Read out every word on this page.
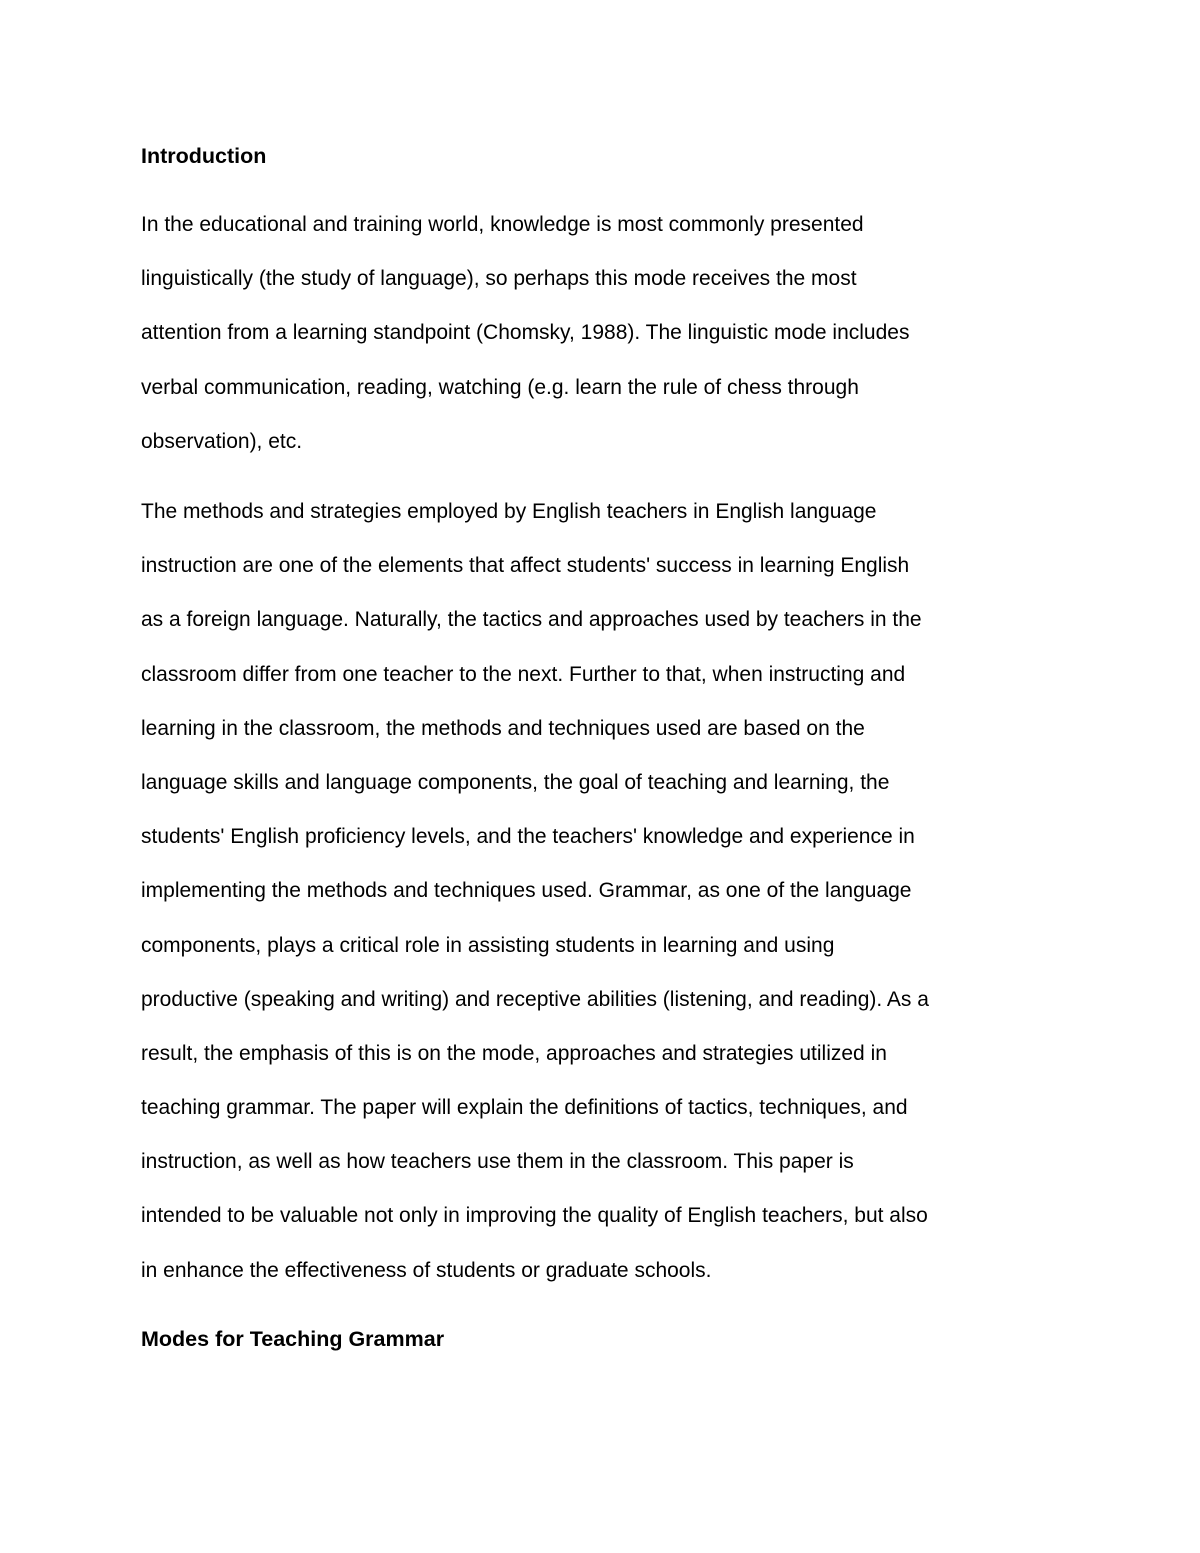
Introduction
In the educational and training world, knowledge is most commonly presented
linguistically (the study of language), so perhaps this mode receives the most
attention from a learning standpoint (Chomsky, 1988). The linguistic mode includes
verbal communication, reading, watching (e.g. learn the rule of chess through
observation), etc.
The methods and strategies employed by English teachers in English language
instruction are one of the elements that affect students' success in learning English
as a foreign language. Naturally, the tactics and approaches used by teachers in the
classroom differ from one teacher to the next. Further to that, when instructing and
learning in the classroom, the methods and techniques used are based on the
language skills and language components, the goal of teaching and learning, the
students' English proficiency levels, and the teachers' knowledge and experience in
implementing the methods and techniques used. Grammar, as one of the language
components, plays a critical role in assisting students in learning and using
productive (speaking and writing) and receptive abilities (listening, and reading). As a
result, the emphasis of this is on the mode, approaches and strategies utilized in
teaching grammar. The paper will explain the definitions of tactics, techniques, and
instruction, as well as how teachers use them in the classroom. This paper is
intended to be valuable not only in improving the quality of English teachers, but also
in enhance the effectiveness of students or graduate schools.
Modes for Teaching Grammar
